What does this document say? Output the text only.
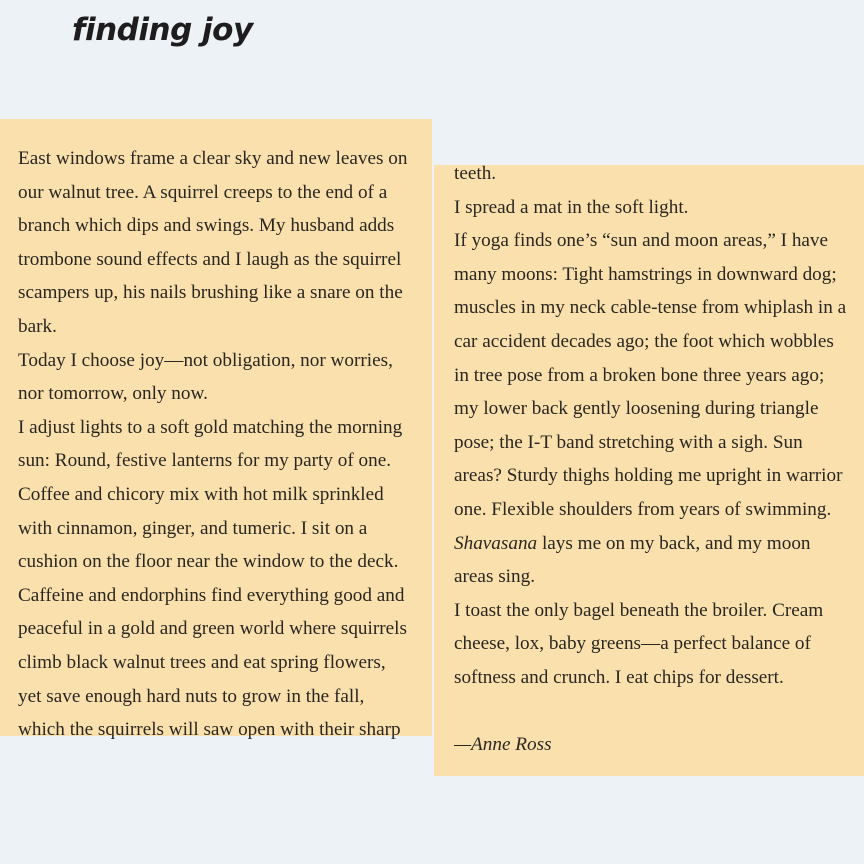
finding joy
East windows frame a clear sky and new leaves on
our walnut tree. A squirrel creeps to the end of a
branch which dips and swings. My husband adds
trombone sound effects and I laugh as the squirrel
scampers up, his nails brushing like a snare on the
bark.
Today I choose joy—not obligation, nor worries,
nor tomorrow, only now.
I adjust lights to a soft gold matching the morning
sun: Round, festive lanterns for my party of one.
Coffee and chicory mix with hot milk sprinkled
with cinnamon, ginger, and tumeric. I sit on a
cushion on the floor near the window to the deck.
Caffeine and endorphins find everything good and
peaceful in a gold and green world where squirrels
climb black walnut trees and eat spring flowers,
yet save enough hard nuts to grow in the fall,
which the squirrels will saw open with their sharp
teeth.
I spread a mat in the soft light.
If yoga finds one’s “sun and moon areas,” I have
many moons: Tight hamstrings in downward dog;
muscles in my neck cable-tense from whiplash in a
car accident decades ago; the foot which wobbles
in tree pose from a broken bone three years ago;
my lower back gently loosening during triangle
pose; the I-T band stretching with a sigh. Sun
areas? Sturdy thighs holding me upright in warrior
one. Flexible shoulders from years of swimming.
Shavasana lays me on my back, and my moon
areas sing.
I toast the only bagel beneath the broiler. Cream
cheese, lox, baby greens—a perfect balance of
softness and crunch. I eat chips for dessert.
—Anne Ross
